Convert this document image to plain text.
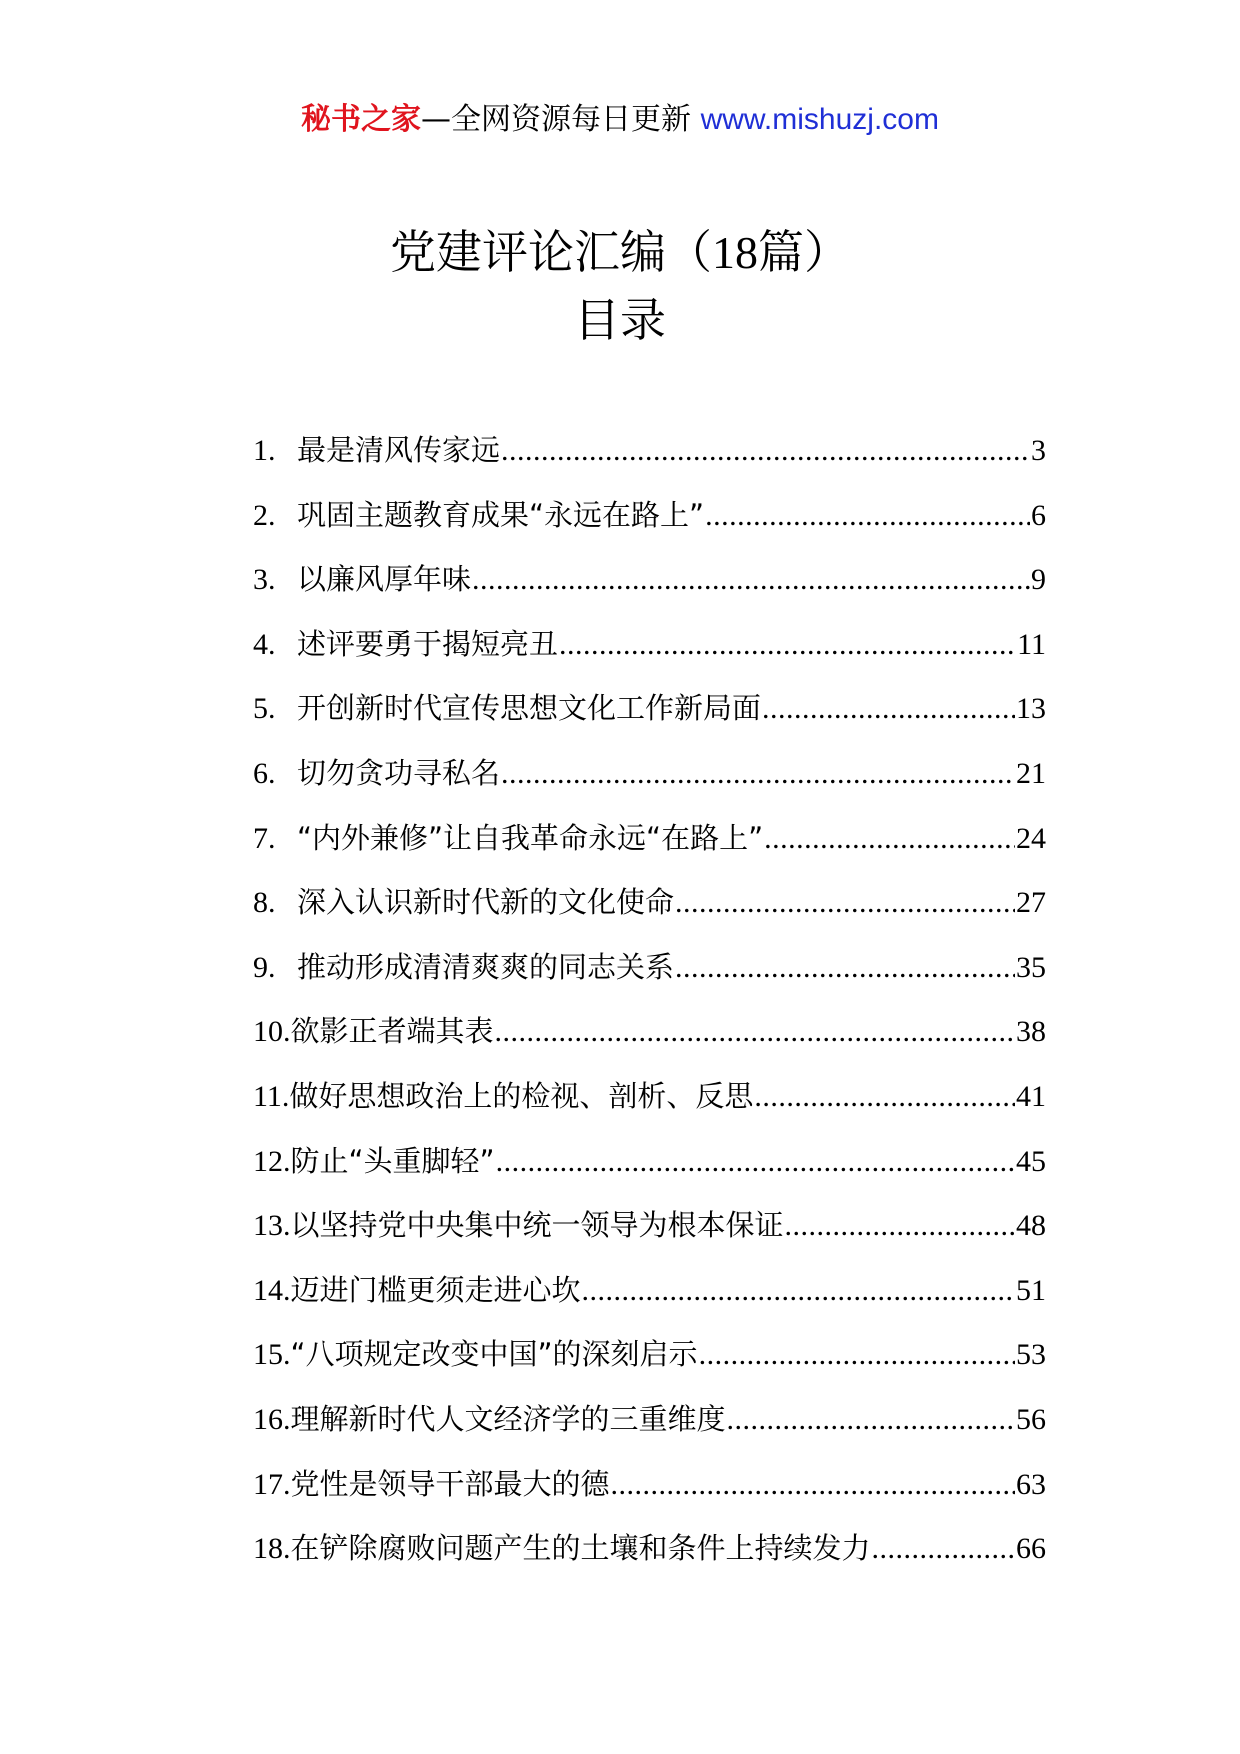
秘书之家—全网资源每日更新 www.mishuzj.com
党建评论汇编（18篇）
目录
1. 最是清风传家远 .....	3
2. 巩固主题教育成果“永远在路上” .....	6
3. 以廉风厚年味 .....	9
4. 述评要勇于揭短亮丑 .....	11
5. 开创新时代宣传思想文化工作新局面 .....	13
6. 切勿贪功寻私名 .....	21
7. “内外兼修”让自我革命永远“在路上” .....	24
8. 深入认识新时代新的文化使命 .....	27
9. 推动形成清清爽爽的同志关系 .....	35
10. 欲影正者端其表 .....	38
11. 做好思想政治上的检视、剖析、反思 .....	41
12. 防止“头重脚轻” .....	45
13. 以坚持党中央集中统一领导为根本保证 .....	48
14. 迈进门槛更须走进心坎 .....	51
15. “八项规定改变中国”的深刻启示 .....	53
16. 理解新时代人文经济学的三重维度 .....	56
17. 党性是领导干部最大的德 .....	63
18. 在铲除腐败问题产生的土壤和条件上持续发力 .....	66
